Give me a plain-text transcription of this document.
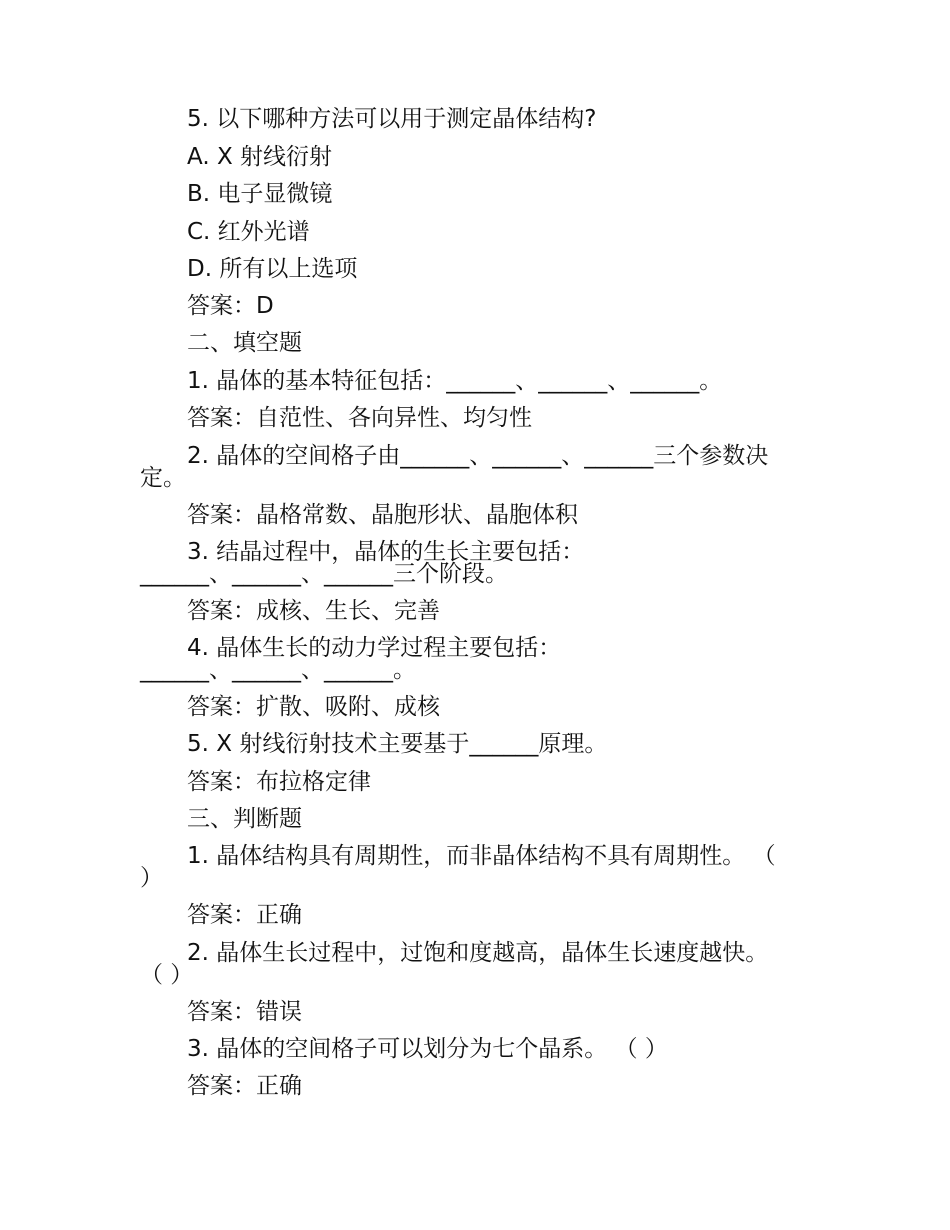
5. 以下哪种方法可以用于测定晶体结构?

A. X 射线衍射

B. 电子显微镜

C. 红外光谱

D. 所有以上选项

答案：D

二、填空题

1. 晶体的基本特征包括：______、______、______。

答案：自范性、各向异性、均匀性

2. 晶体的空间格子由______、______、______三个参数决
定。

答案：晶格常数、晶胞形状、晶胞体积

3. 结晶过程中，晶体的生长主要包括：
______、______、______三个阶段。

答案：成核、生长、完善

4. 晶体生长的动力学过程主要包括：
______、______、______。

答案：扩散、吸附、成核

5. X 射线衍射技术主要基于______原理。

答案：布拉格定律

三、判断题

1. 晶体结构具有周期性，而非晶体结构不具有周期性。 （
）

答案：正确

2. 晶体生长过程中，过饱和度越高，晶体生长速度越快。
（ ）

答案：错误

3. 晶体的空间格子可以划分为七个晶系。 （ ）

答案：正确
